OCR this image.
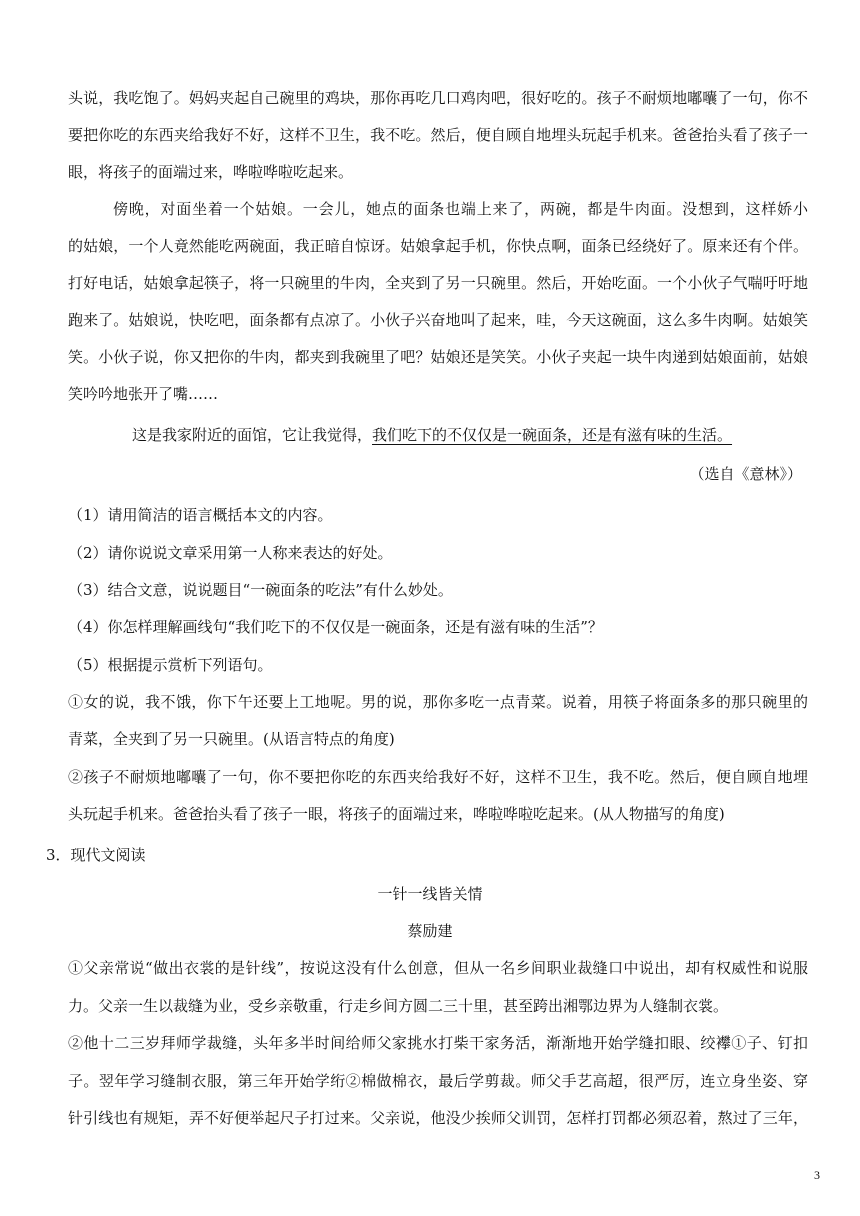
头说，我吃饱了。妈妈夹起自己碗里的鸡块，那你再吃几口鸡肉吧，很好吃的。孩子不耐烦地嘟囔了一句，你不
要把你吃的东西夹给我好不好，这样不卫生，我不吃。然后，便自顾自地埋头玩起手机来。爸爸抬头看了孩子一
眼，将孩子的面端过来，哗啦哗啦吃起来。
傍晚，对面坐着一个姑娘。一会儿，她点的面条也端上来了，两碗，都是牛肉面。没想到，这样娇小
的姑娘，一个人竟然能吃两碗面，我正暗自惊讶。姑娘拿起手机，你快点啊，面条已经绕好了。原来还有个伴。
打好电话，姑娘拿起筷子，将一只碗里的牛肉，全夹到了另一只碗里。然后，开始吃面。一个小伙子气喘吁吁地
跑来了。姑娘说，快吃吧，面条都有点凉了。小伙子兴奋地叫了起来，哇，今天这碗面，这么多牛肉啊。姑娘笑
笑。小伙子说，你又把你的牛肉，都夹到我碗里了吧？姑娘还是笑笑。小伙子夹起一块牛肉递到姑娘面前，姑娘
笑吟吟地张开了嘴……
这是我家附近的面馆，它让我觉得，我们吃下的不仅仅是一碗面条，还是有滋有味的生活。
（选自《意林》）
（1）请用简洁的语言概括本文的内容。
（2）请你说说文章采用第一人称来表达的好处。
（3）结合文意，说说题目“一碗面条的吃法”有什么妙处。
（4）你怎样理解画线句“我们吃下的不仅仅是一碗面条，还是有滋有味的生活”？
（5）根据提示赏析下列语句。
①女的说，我不饿，你下午还要上工地呢。男的说，那你多吃一点青菜。说着，用筷子将面条多的那只碗里的
青菜，全夹到了另一只碗里。(从语言特点的角度)
②孩子不耐烦地嘟囔了一句，你不要把你吃的东西夹给我好不好，这样不卫生，我不吃。然后，便自顾自地埋
头玩起手机来。爸爸抬头看了孩子一眼，将孩子的面端过来，哗啦哗啦吃起来。(从人物描写的角度)
3．现代文阅读
一针一线皆关情
蔡励建
①父亲常说“做出衣裳的是针线”，按说这没有什么创意，但从一名乡间职业裁缝口中说出，却有权威性和说服
力。父亲一生以裁缝为业，受乡亲敬重，行走乡间方圆二三十里，甚至跨出湘鄂边界为人缝制衣裳。
②他十二三岁拜师学裁缝，头年多半时间给师父家挑水打柴干家务活，渐渐地开始学缝扣眼、绞襻①子、钉扣
子。翌年学习缝制衣服，第三年开始学绗②棉做棉衣，最后学剪裁。师父手艺高超，很严厉，连立身坐姿、穿
针引线也有规矩，弄不好便举起尺子打过来。父亲说，他没少挨师父训罚，怎样打罚都必须忍着，熬过了三年，
3
